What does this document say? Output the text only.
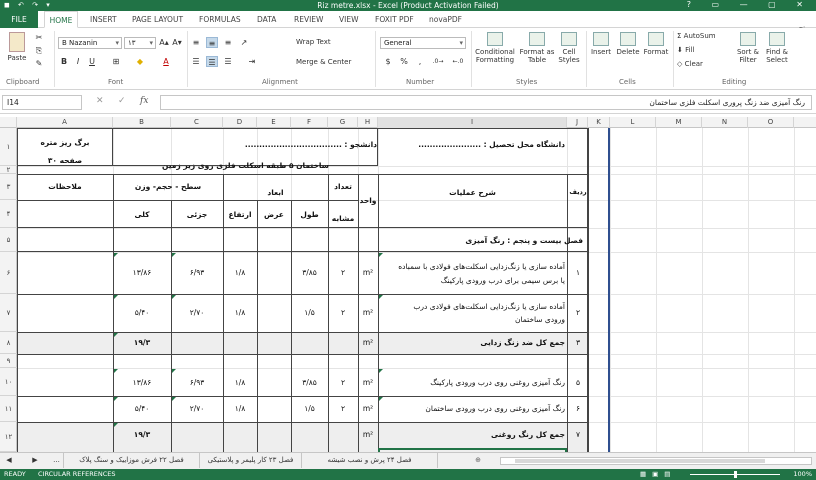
◼ ↶ ↷ ▾	Riz metre.xlsx - Excel (Product Activation Failed)	? ▭ — ▢ ✕
FILE	HOME	INSERT PAGE LAYOUT FORMULAS DATA REVIEW VIEW FOXIT PDF novaPDF
Paste
✂
⎘
✎
Clipboard
B Nazanin ▾	۱۳ ▾	A▴ A▾
B	I	U	⊞	◆	A
Font
≡	≡	≡	↗
☰	☰	☰	⇥
Wrap Text
Merge & Center
Alignment
General ▾
$	%	,	.0→	←.0
Number
Conditional Formatting
Format as Table
Cell Styles
Styles
Insert Delete Format
Cells
Σ AutoSum
⬇ Fill
◇ Clear
Sort & Filter
Find & Select
Editing
I14	✕ ✓ fx	رنگ آمیزی ضد زنگ پروری اسکلت فلزی ساختمان
A	B	C	D	E	F	G	H	I	J	K	L	M	N	O
۱
۲
۳
۴
۵
۶
۷
۸
۹
۱۰
۱۱
۱۲
برگ ریز متره
صفحه ۳۰
دانشجو : ..................................	دانشگاه محل تحصیل : ......................
ساختمان ۵ طبقه اسکلت فلزی روی زیر زمین
ملاحظات	سطح - حجم- وزن
ابعاد
تعداد
مشابه
واحد
شرح عملیات	ردیف
كلی	جزئی	ارتفاع	عرض	طول
فصل بیست و پنجم : رنگ آمیزی
آماده سازی یا زنگ‌زدایی اسکلت‌های فولادی با سمباده
یا برس سیمی برای درب ورودی پارکینگ
۱
m²
۲
۳/۸۵
۱/۸
۶/۹۳
۱۳/۸۶
آماده سازی یا زنگ‌زدایی اسکلت‌های فولادی درب
ورودی ساختمان
۲
m²
۲
۱/۵
۱/۸
۲/۷۰
۵/۴۰
جمع كل ضد زنگ زدایی	۳
m²
۱۹/۳
رنگ آمیزی روغنی روی درب ورودی پارکینگ	۵
m²
۲
۳/۸۵
۱/۸
۶/۹۳
۱۳/۸۶
رنگ آمیزی روغنی روی درب ورودی ساختمان	۶
m²
۲
۱/۵
۱/۸
۲/۷۰
۵/۴۰
جمع كل رنگ روغنی	۷
m²
۱۹/۳
◀	▶	...	فصل ۲۲ فرش موزاییک و سنگ پلاک	فصل ۲۳ کار پلیمر و پلاستیکی	فصل ۲۴ پرش و نصب شیشه	⊕
READY CIRCULAR REFERENCES	▦▣▤	100%
